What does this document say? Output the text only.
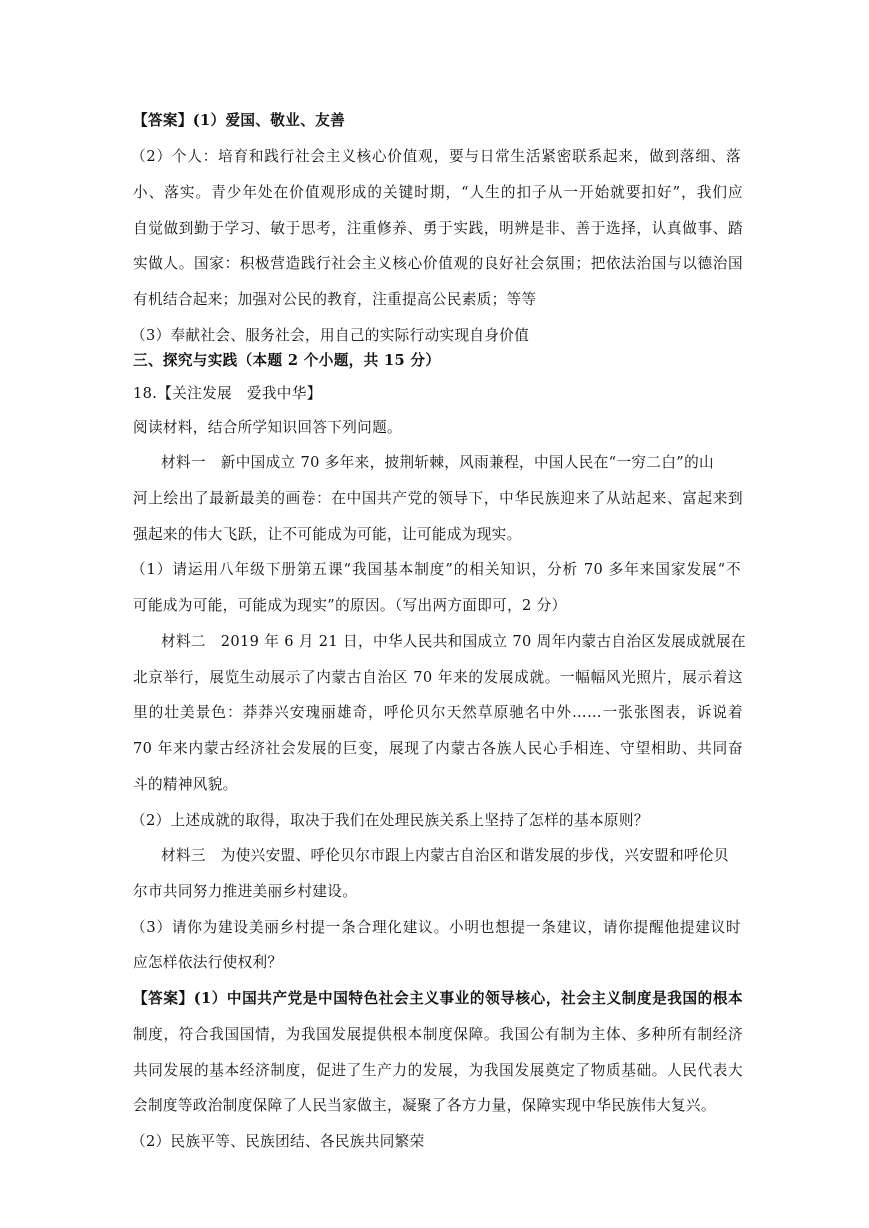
【答案】(1）爱国、敬业、友善
（2）个人：培育和践行社会主义核心价值观，要与日常生活紧密联系起来，做到落细、落
小、落实。青少年处在价值观形成的关键时期，“人生的扣子从一开始就要扣好”，我们应
自觉做到勤于学习、敏于思考，注重修养、勇于实践，明辨是非、善于选择，认真做事、踏
实做人。国家：积极营造践行社会主义核心价值观的良好社会氛围；把依法治国与以德治国
有机结合起来；加强对公民的教育，注重提高公民素质；等等
（3）奉献社会、服务社会，用自己的实际行动实现自身价值
三、探究与实践（本题 2 个小题，共 15 分）
18.【关注发展　爱我中华】
阅读材料，结合所学知识回答下列问题。
材料一　新中国成立 70 多年来，披荆斩棘，风雨兼程，中国人民在“一穷二白”的山
河上绘出了最新最美的画卷：在中国共产党的领导下，中华民族迎来了从站起来、富起来到
强起来的伟大飞跃，让不可能成为可能，让可能成为现实。
（1）请运用八年级下册第五课“我国基本制度”的相关知识，分析 70 多年来国家发展“不
可能成为可能，可能成为现实”的原因。（写出两方面即可，2 分）
材料二　2019 年 6 月 21 日，中华人民共和国成立 70 周年内蒙古自治区发展成就展在
北京举行，展览生动展示了内蒙古自治区 70 年来的发展成就。一幅幅风光照片，展示着这
里的壮美景色：莽莽兴安瑰丽雄奇，呼伦贝尔天然草原驰名中外……一张张图表，诉说着
70 年来内蒙古经济社会发展的巨变，展现了内蒙古各族人民心手相连、守望相助、共同奋
斗的精神风貌。
（2）上述成就的取得，取决于我们在处理民族关系上坚持了怎样的基本原则？
材料三　为使兴安盟、呼伦贝尔市跟上内蒙古自治区和谐发展的步伐，兴安盟和呼伦贝
尔市共同努力推进美丽乡村建设。
（3）请你为建设美丽乡村提一条合理化建议。小明也想提一条建议，请你提醒他提建议时
应怎样依法行使权利？
【答案】(1）中国共产党是中国特色社会主义事业的领导核心，社会主义制度是我国的根本
制度，符合我国国情，为我国发展提供根本制度保障。我国公有制为主体、多种所有制经济
共同发展的基本经济制度，促进了生产力的发展，为我国发展奠定了物质基础。人民代表大
会制度等政治制度保障了人民当家做主，凝聚了各方力量，保障实现中华民族伟大复兴。
（2）民族平等、民族团结、各民族共同繁荣
